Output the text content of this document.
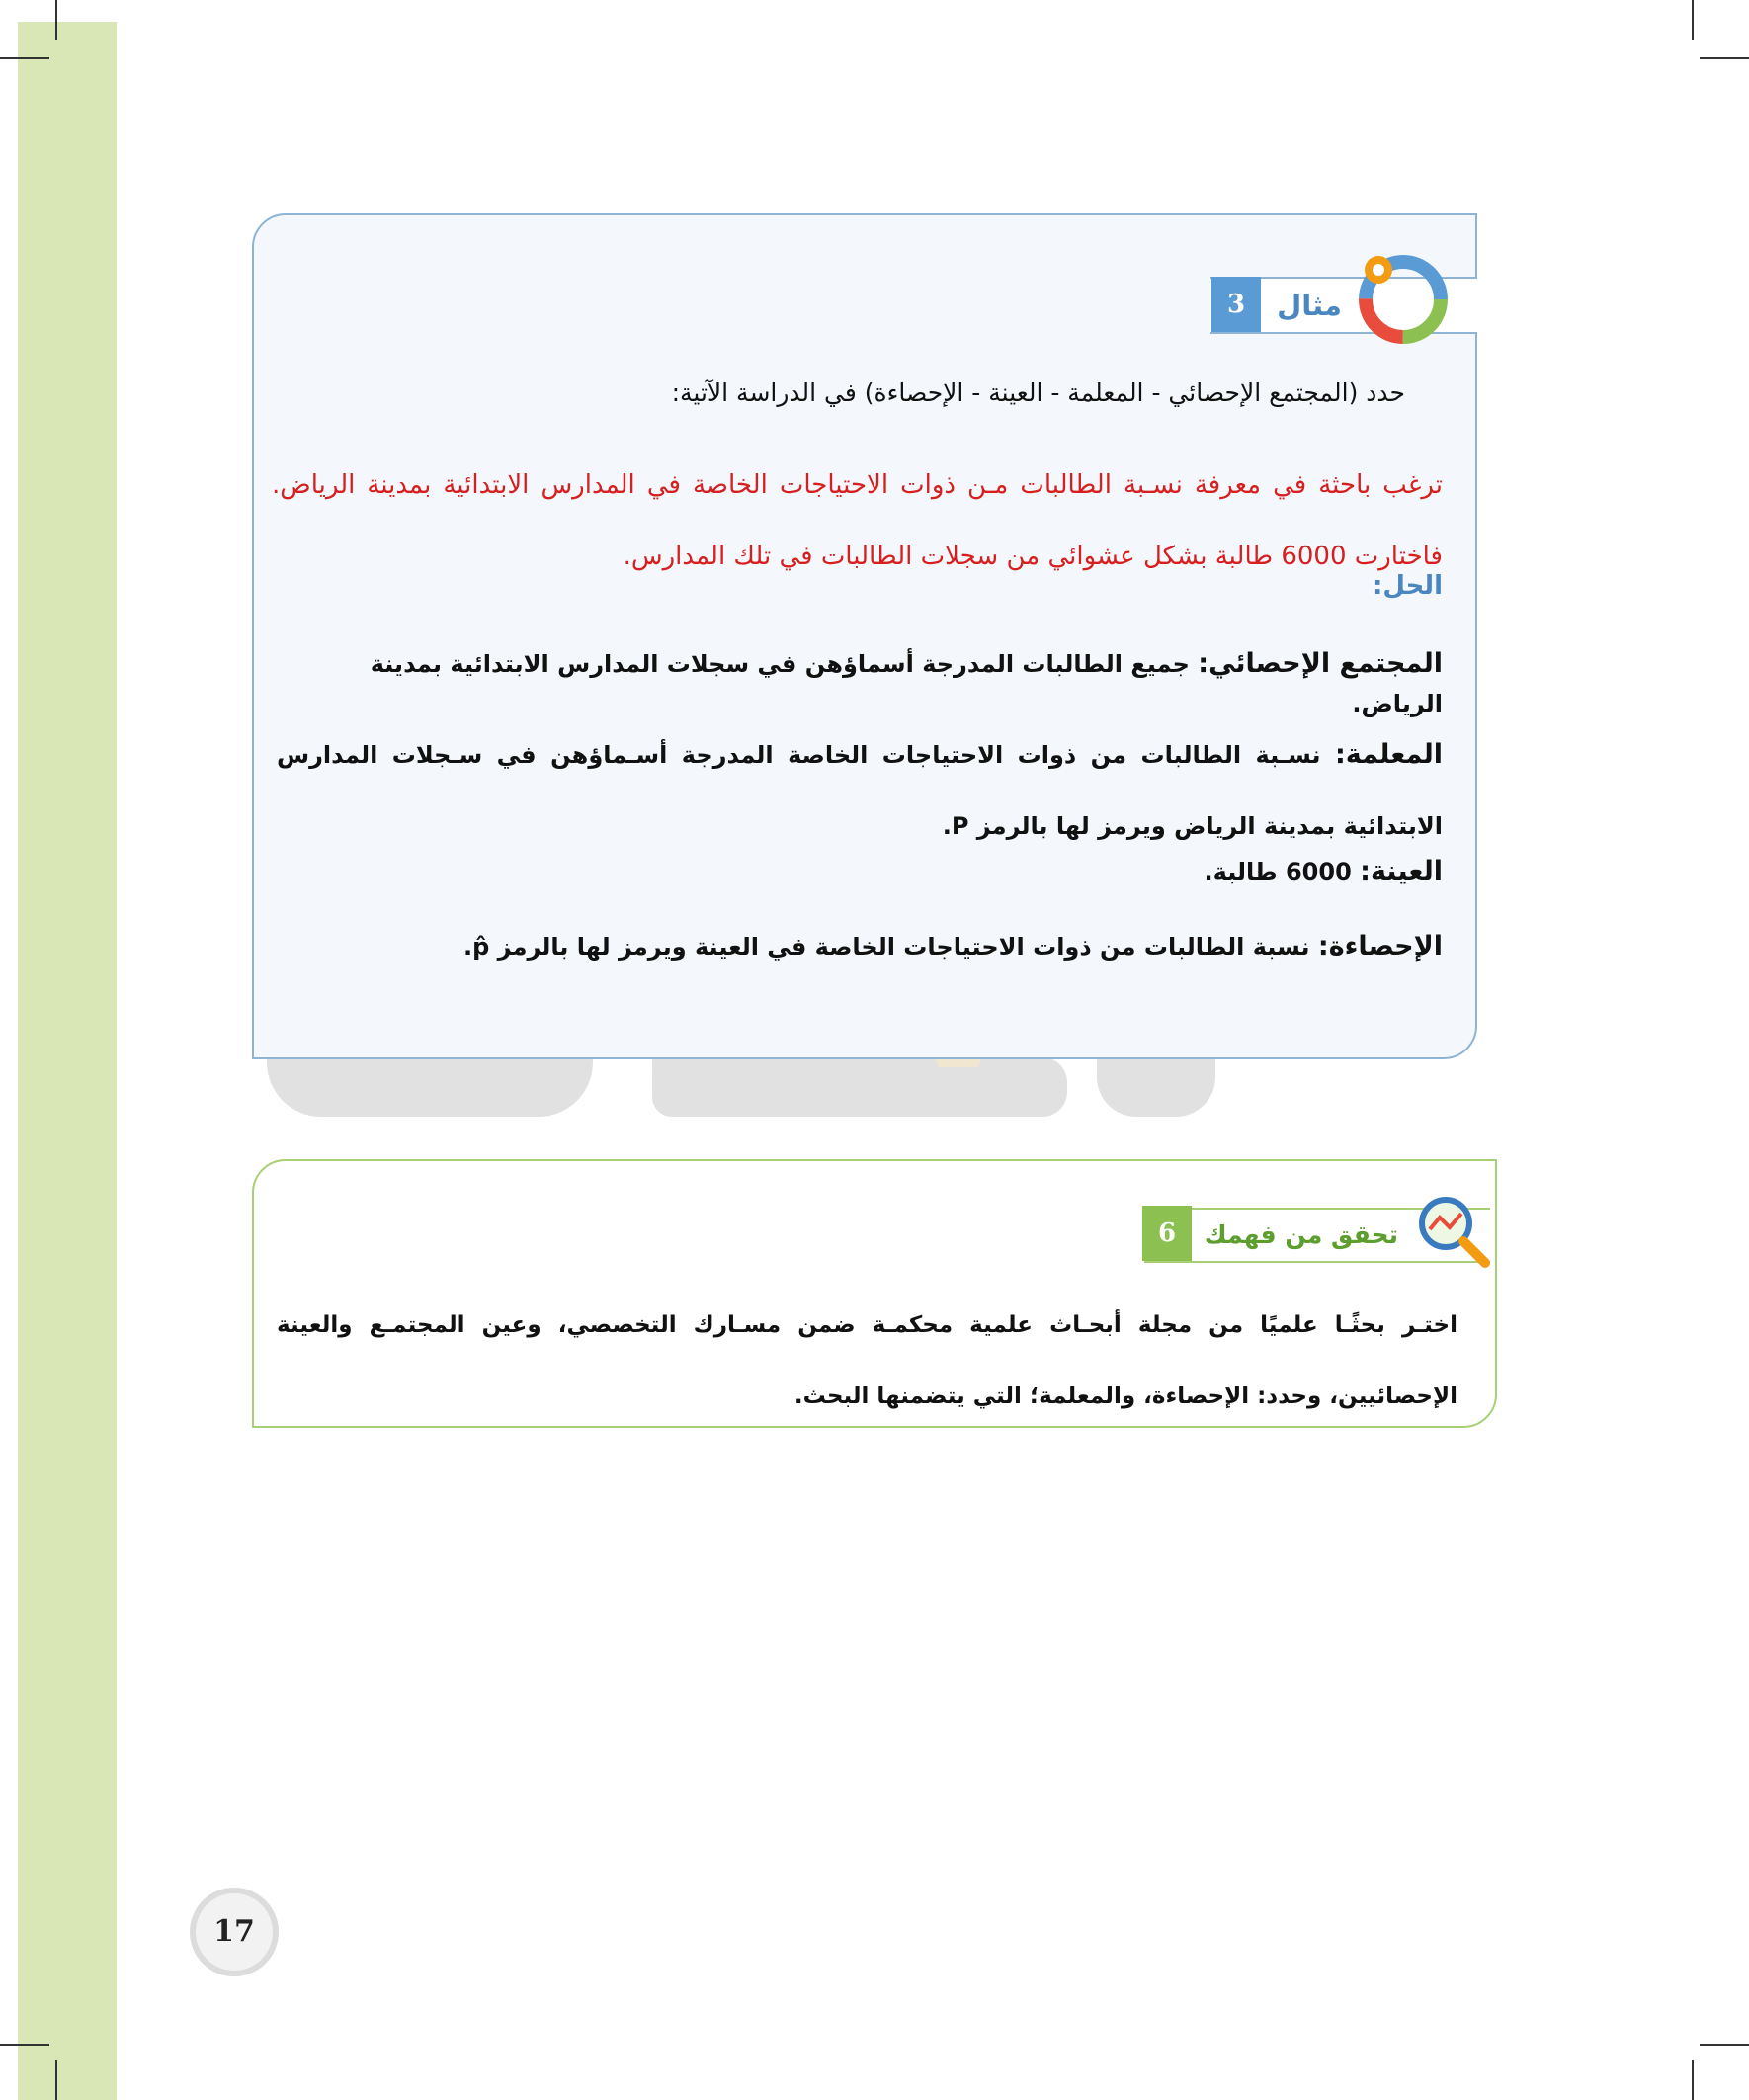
3	مثال
حدد (المجتمع الإحصائي - المعلمة - العينة - الإحصاءة) في الدراسة الآتية:
ترغب باحثة في معرفة نسـبة الطالبات مـن ذوات الاحتياجات الخاصة في المدارس الابتدائية بمدينة الرياض. فاختارت 6000 طالبة بشكل عشوائي من سجلات الطالبات في تلك المدارس.
الحل:
المجتمع الإحصائي: جميع الطالبات المدرجة أسماؤهن في سجلات المدارس الابتدائية بمدينة الرياض.
المعلمة: نسـبة الطالبات من ذوات الاحتياجات الخاصة المدرجة أسـماؤهن في سـجلات المدارس الابتدائية بمدينة الرياض ويرمز لها بالرمز P.
العينة: 6000 طالبة.
الإحصاءة: نسبة الطالبات من ذوات الاحتياجات الخاصة في العينة ويرمز لها بالرمز p̂.
6	تحقق من فهمك
اختـر بحثًـا علميًا من مجلة أبحـاث علمية محكمـة ضمن مسـارك التخصصي، وعين المجتمـع والعينة الإحصائيين، وحدد: الإحصاءة، والمعلمة؛ التي يتضمنها البحث.
17
